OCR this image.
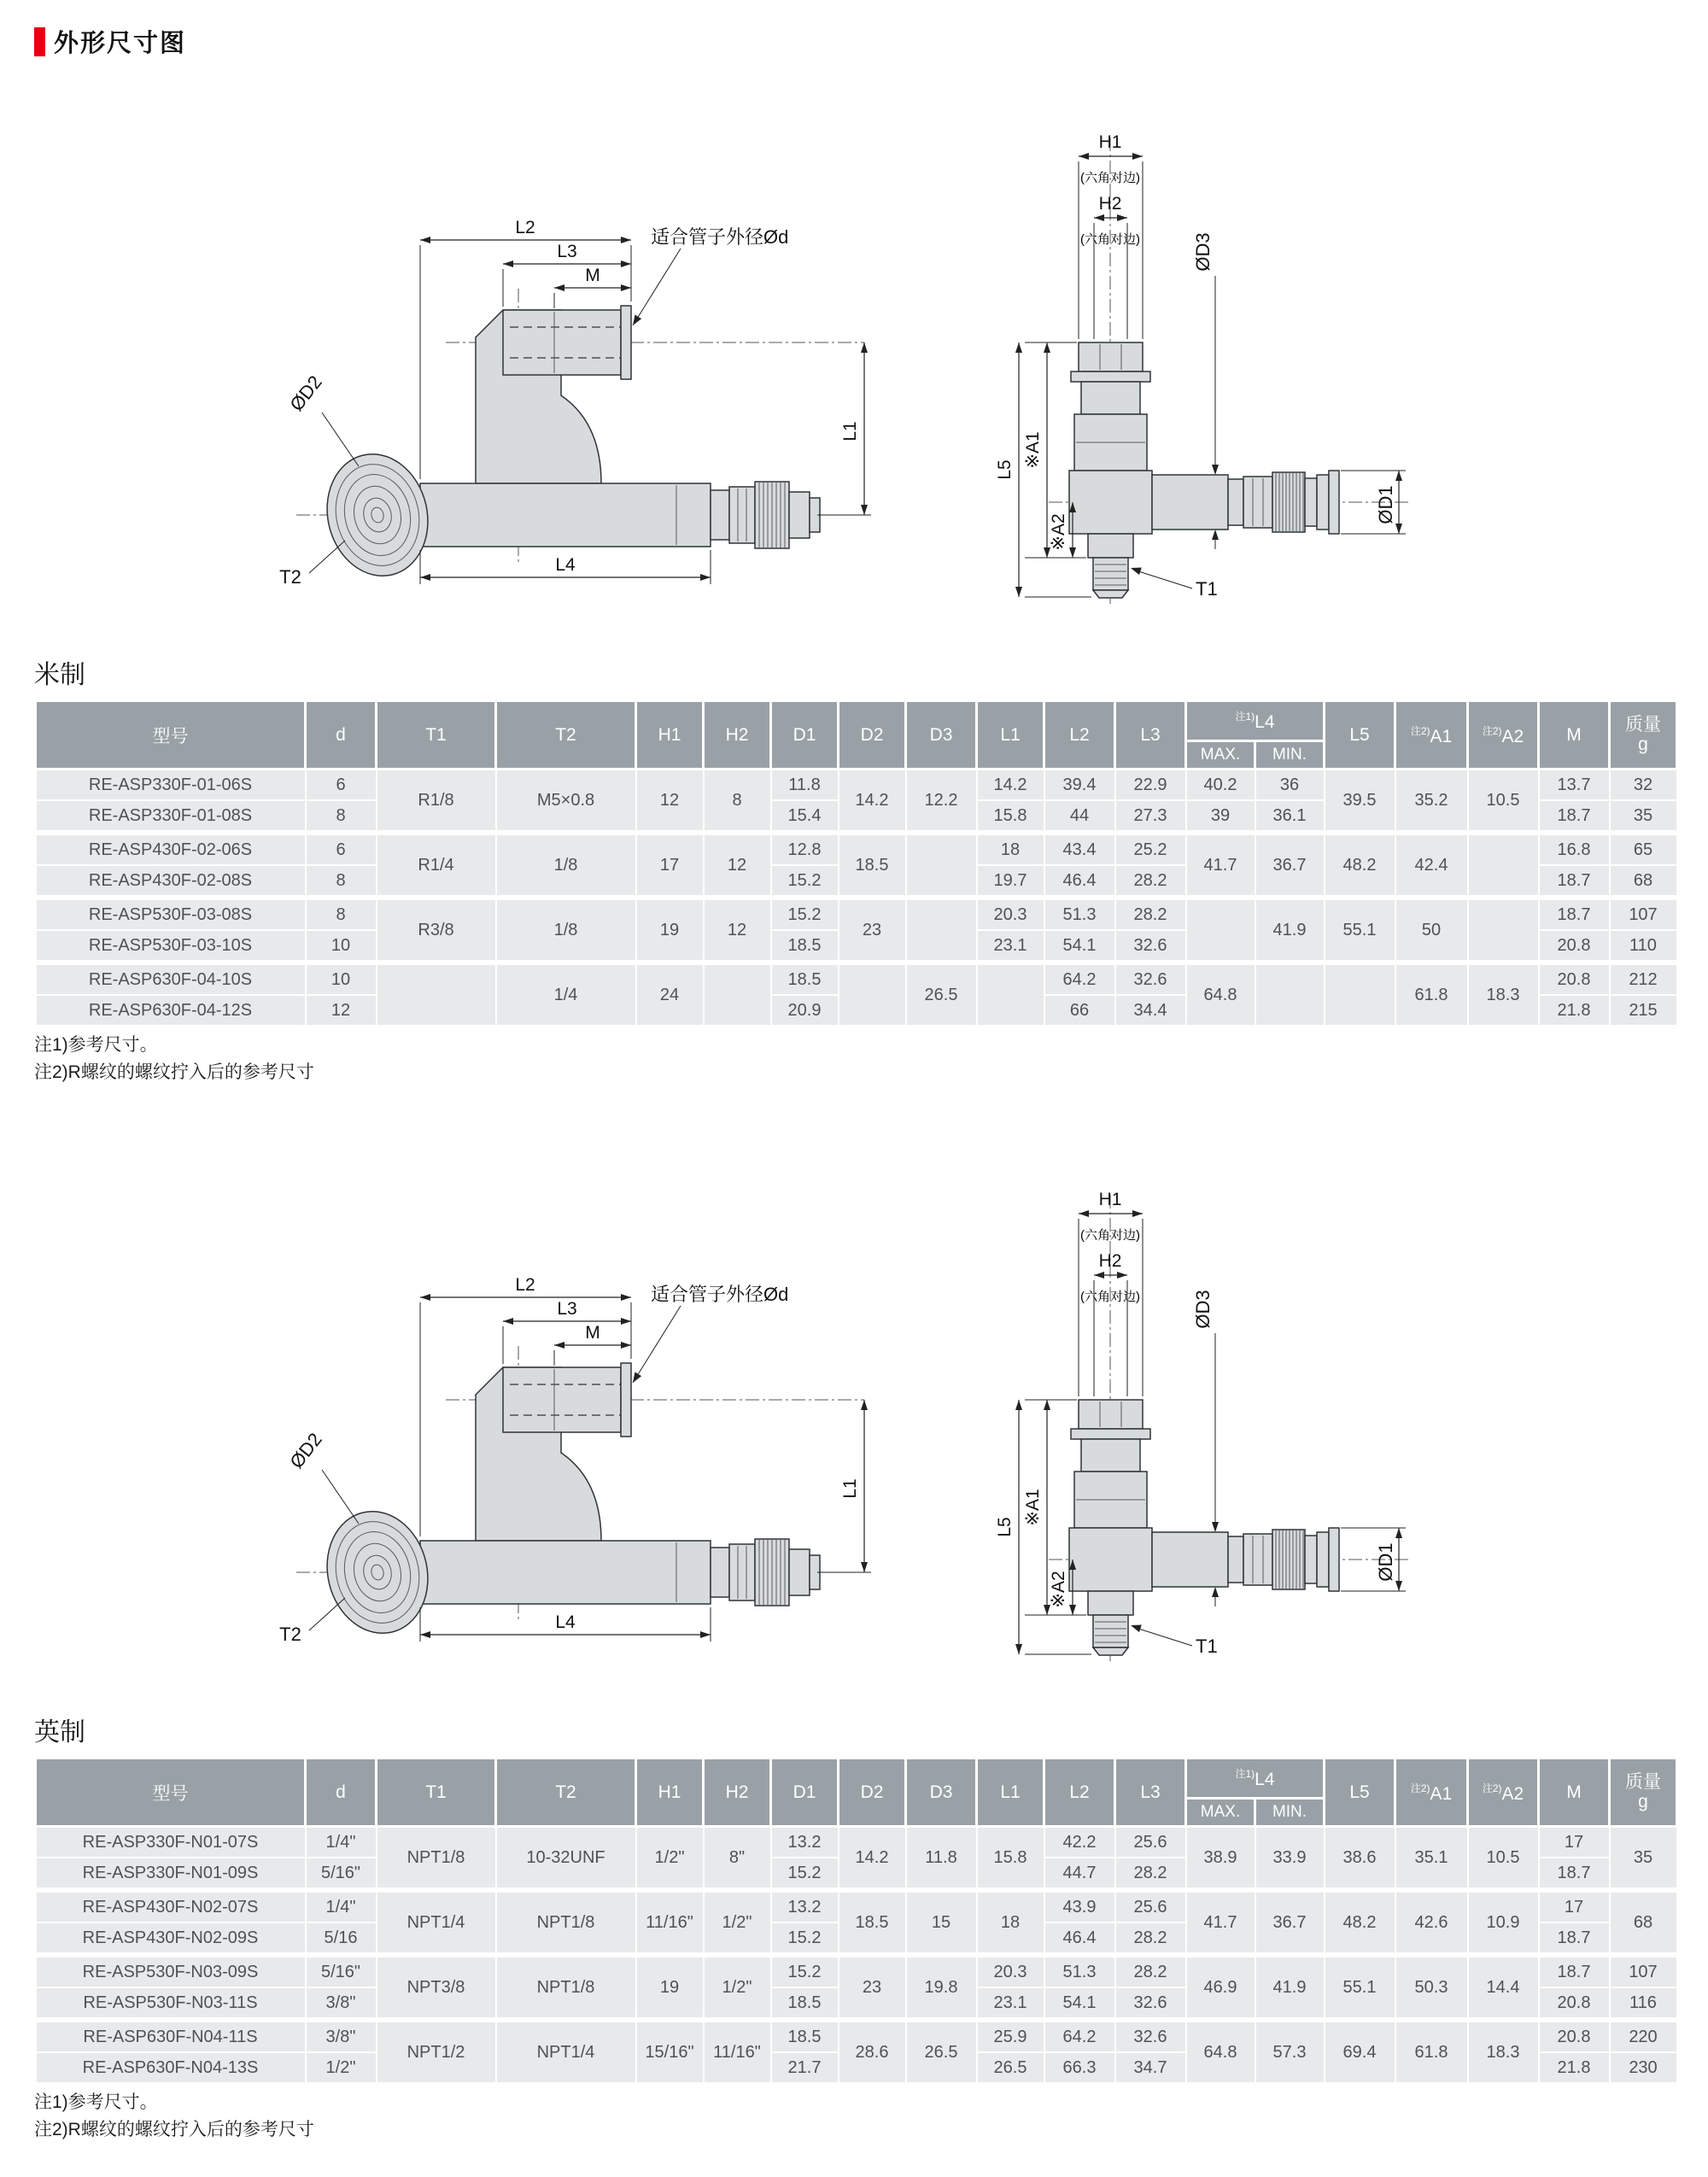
外形尺寸图
L2
L3
M
适合管子外径Ød
L1
L4
ØD2
T2
H1
(六角对边)
H2
(六角对边)
L5
※A1
※A2
ØD3
ØD1
T1
米制
型号	d	T1	T2	H1	H2	D1	D2	D3	L1	L2	L3	$^{注1)}$L4		L5	$^{注2)}$A1	$^{注2)}$A2	M	质量
g

												MAX.	MIN.					
RE-ASP330F-01-06S	6	R1/8	M5×0.8	12	8	11.8	14.2	12.2	14.2	39.4	22.9	40.2	36	39.5	35.2	10.5	13.7	32
RE-ASP330F-01-08S	8					15.4			15.8	44	27.3	39	36.1				18.7	35
RE-ASP430F-02-06S	6	R1/4	1/8	17	12	12.8	18.5		18	43.4	25.2	41.7	36.7	48.2	42.4		16.8	65
RE-ASP430F-02-08S	8					15.2			19.7	46.4	28.2						18.7	68
RE-ASP530F-03-08S	8	R3/8	1/8	19	12	15.2	23		20.3	51.3	28.2		41.9	55.1	50		18.7	107
RE-ASP530F-03-10S	10					18.5			23.1	54.1	32.6						20.8	110
RE-ASP630F-04-10S	10		1/4	24		18.5		26.5		64.2	32.6	64.8			61.8	18.3	20.8	212
RE-ASP630F-04-12S	12					20.9				66	34.4						21.8	215
注1)参考尺寸。
注2)R螺纹的螺纹拧入后的参考尺寸
L2
L3
M
适合管子外径Ød
L1
L4
ØD2
T2
H1
(六角对边)
H2
(六角对边)
L5
※A1
※A2
ØD3
ØD1
T1
英制
型号	d	T1	T2	H1	H2	D1	D2	D3	L1	L2	L3	$^{注1)}$L4		L5	$^{注2)}$A1	$^{注2)}$A2	M	质量
g

												MAX.	MIN.					
RE-ASP330F-N01-07S	1/4"	NPT1/8	10-32UNF	1/2"	8"	13.2	14.2	11.8	15.8	42.2	25.6	38.9	33.9	38.6	35.1	10.5	17	35
RE-ASP330F-N01-09S	5/16"					15.2				44.7	28.2						18.7	
RE-ASP430F-N02-07S	1/4"	NPT1/4	NPT1/8	11/16"	1/2"	13.2	18.5	15	18	43.9	25.6	41.7	36.7	48.2	42.6	10.9	17	68
RE-ASP430F-N02-09S	5/16					15.2				46.4	28.2						18.7	
RE-ASP530F-N03-09S	5/16"	NPT3/8	NPT1/8	19	1/2"	15.2	23	19.8	20.3	51.3	28.2	46.9	41.9	55.1	50.3	14.4	18.7	107
RE-ASP530F-N03-11S	3/8"					18.5			23.1	54.1	32.6						20.8	116
RE-ASP630F-N04-11S	3/8"	NPT1/2	NPT1/4	15/16"	11/16"	18.5	28.6	26.5	25.9	64.2	32.6	64.8	57.3	69.4	61.8	18.3	20.8	220
RE-ASP630F-N04-13S	1/2"					21.7			26.5	66.3	34.7						21.8	230
注1)参考尺寸。
注2)R螺纹的螺纹拧入后的参考尺寸
